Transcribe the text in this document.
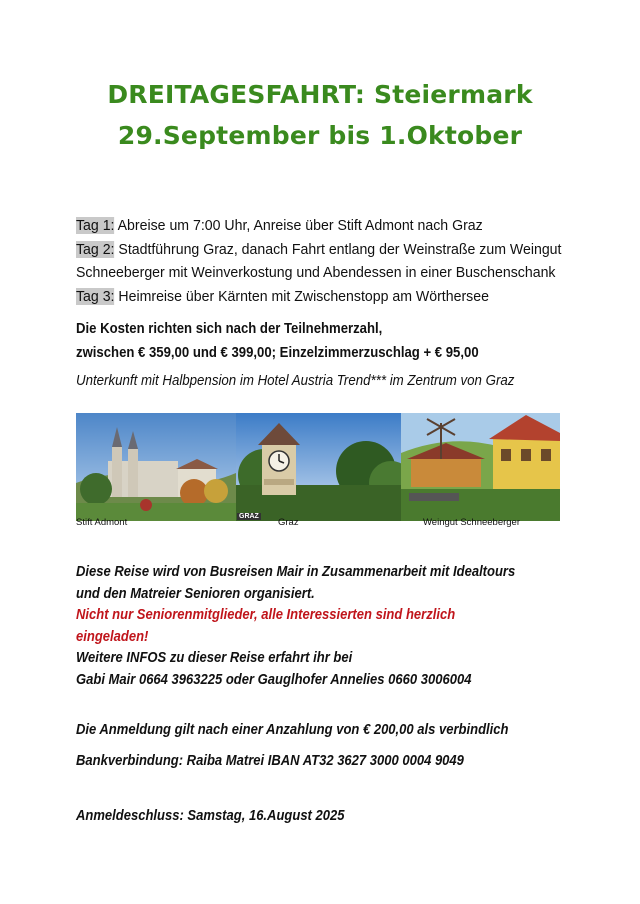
DREITAGESFAHRT: Steiermark
29.September bis 1.Oktober
Tag 1: Abreise um 7:00 Uhr, Anreise über Stift Admont nach Graz
Tag 2: Stadtführung Graz, danach Fahrt entlang der Weinstraße zum Weingut
Schneeberger mit Weinverkostung und Abendessen in einer Buschenschank
Tag 3: Heimreise über Kärnten mit Zwischenstopp am Wörthersee
Die Kosten richten sich nach der Teilnehmerzahl,
zwischen € 359,00 und € 399,00; Einzelzimmerzuschlag + € 95,00
Unterkunft mit Halbpension im Hotel Austria Trend*** im Zentrum von Graz
GRAZ
Stift Admont	Graz	Weingut Schneeberger
Diese Reise wird von Busreisen Mair in Zusammenarbeit mit Idealtours
und den Matreier Senioren organisiert.
Nicht nur Seniorenmitglieder, alle Interessierten sind herzlich
eingeladen!
Weitere INFOS zu dieser Reise erfahrt ihr bei
Gabi Mair 0664 3963225 oder Gauglhofer Annelies 0660 3006004
Die Anmeldung gilt nach einer Anzahlung von € 200,00 als verbindlich
Bankverbindung: Raiba Matrei IBAN AT32 3627 3000 0004 9049
Anmeldeschluss: Samstag, 16.August 2025
